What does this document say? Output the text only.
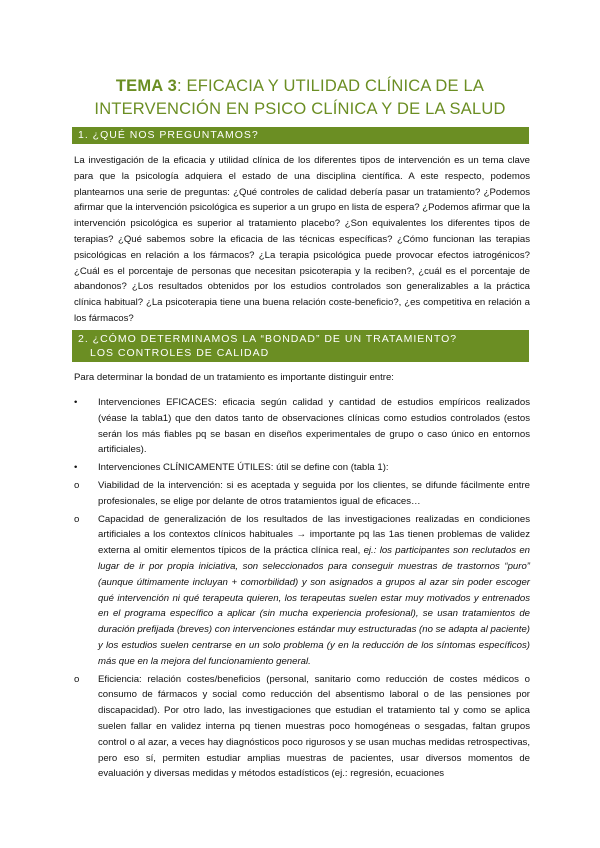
TEMA 3: EFICACIA Y UTILIDAD CLÍNICA DE LA
INTERVENCIÓN EN PSICO CLÍNICA Y DE LA SALUD
1. ¿QUÉ NOS PREGUNTAMOS?

La investigación de la eficacia y utilidad clínica de los diferentes tipos de intervención es un tema clave para que la psicología adquiera el estado de una disciplina científica. A este respecto, podemos plantearnos una serie de preguntas: ¿Qué controles de calidad debería pasar un tratamiento? ¿Podemos afirmar que la intervención psicológica es superior a un grupo en lista de espera? ¿Podemos afirmar que la intervención psicológica es superior al tratamiento placebo? ¿Son equivalentes los diferentes tipos de terapias? ¿Qué sabemos sobre la eficacia de las técnicas específicas? ¿Cómo funcionan las terapias psicológicas en relación a los fármacos? ¿La terapia psicológica puede provocar efectos iatrogénicos? ¿Cuál es el porcentaje de personas que necesitan psicoterapia y la reciben?, ¿cuál es el porcentaje de abandonos? ¿Los resultados obtenidos por los estudios controlados son generalizables a la práctica clínica habitual? ¿La psicoterapia tiene una buena relación coste-beneficio?, ¿es competitiva en relación a los fármacos?

2. ¿CÓMO DETERMINAMOS LA “BONDAD” DE UN TRATAMIENTO?
LOS CONTROLES DE CALIDAD

Para determinar la bondad de un tratamiento es importante distinguir entre:

•	Intervenciones EFICACES: eficacia según calidad y cantidad de estudios empíricos realizados (véase la tabla1) que den datos tanto de observaciones clínicas como estudios controlados (estos serán los más fiables pq se basan en diseños experimentales de grupo o caso único en entornos artificiales).
•	Intervenciones CLÍNICAMENTE ÚTILES: útil se define con (tabla 1):
o	Viabilidad de la intervención: si es aceptada y seguida por los clientes, se difunde fácilmente entre profesionales, se elige por delante de otros tratamientos igual de eficaces…
o	Capacidad de generalización de los resultados de las investigaciones realizadas en condiciones artificiales a los contextos clínicos habituales → importante pq las 1as tienen problemas de validez externa al omitir elementos típicos de la práctica clínica real, ej.: los participantes son reclutados en lugar de ir por propia iniciativa, son seleccionados para conseguir muestras de trastornos “puro” (aunque últimamente incluyan + comorbilidad) y son asignados a grupos al azar sin poder escoger qué intervención ni qué terapeuta quieren, los terapeutas suelen estar muy motivados y entrenados en el programa específico a aplicar (sin mucha experiencia profesional), se usan tratamientos de duración prefijada (breves) con intervenciones estándar muy estructuradas (no se adapta al paciente) y los estudios suelen centrarse en un solo problema (y en la reducción de los síntomas específicos) más que en la mejora del funcionamiento general.
o	Eficiencia: relación costes/beneficios (personal, sanitario como reducción de costes médicos o consumo de fármacos y social como reducción del absentismo laboral o de las pensiones por discapacidad). Por otro lado, las investigaciones que estudian el tratamiento tal y como se aplica suelen fallar en validez interna pq tienen muestras poco homogéneas o sesgadas, faltan grupos control o al azar, a veces hay diagnósticos poco rigurosos y se usan muchas medidas retrospectivas, pero eso sí, permiten estudiar amplias muestras de pacientes, usar diversos momentos de evaluación y diversas medidas y métodos estadísticos (ej.: regresión, ecuaciones
